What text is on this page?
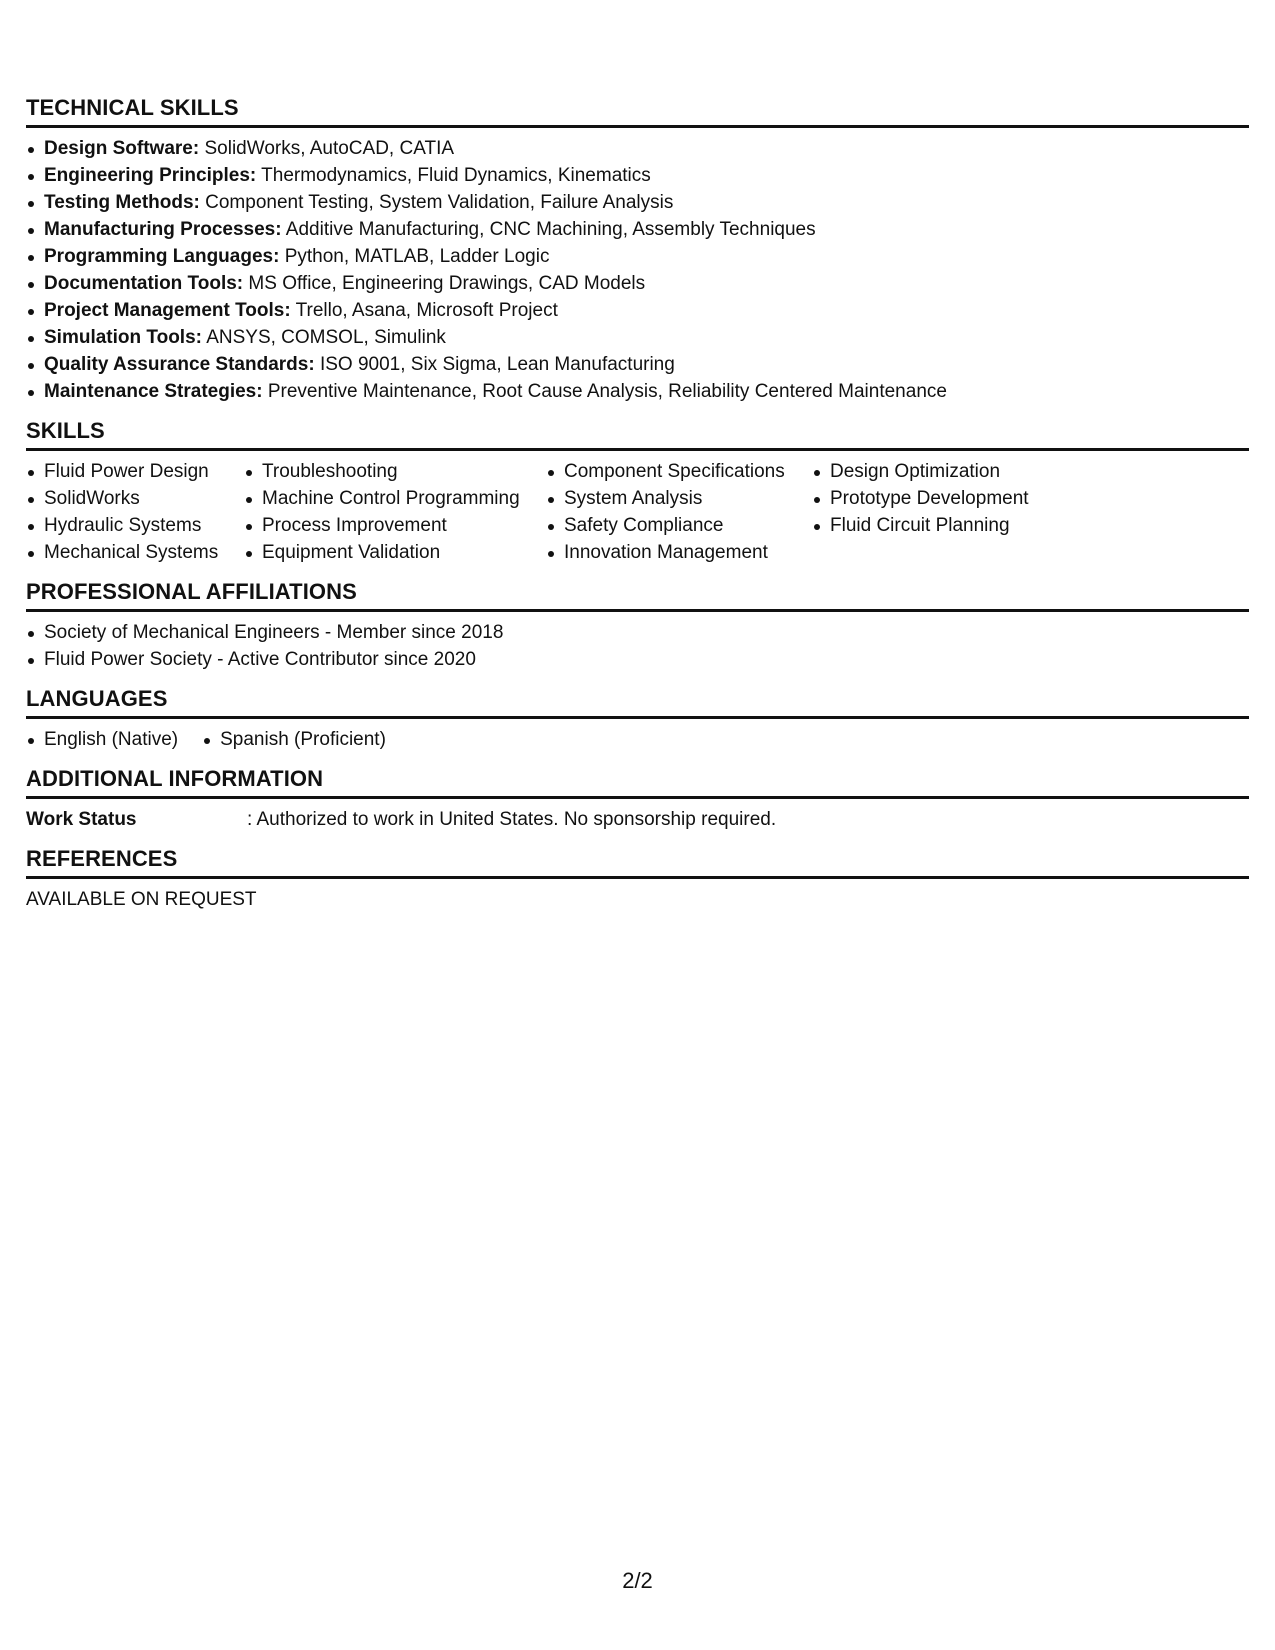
TECHNICAL SKILLS
Design Software: SolidWorks, AutoCAD, CATIA
Engineering Principles: Thermodynamics, Fluid Dynamics, Kinematics
Testing Methods: Component Testing, System Validation, Failure Analysis
Manufacturing Processes: Additive Manufacturing, CNC Machining, Assembly Techniques
Programming Languages: Python, MATLAB, Ladder Logic
Documentation Tools: MS Office, Engineering Drawings, CAD Models
Project Management Tools: Trello, Asana, Microsoft Project
Simulation Tools: ANSYS, COMSOL, Simulink
Quality Assurance Standards: ISO 9001, Six Sigma, Lean Manufacturing
Maintenance Strategies: Preventive Maintenance, Root Cause Analysis, Reliability Centered Maintenance
SKILLS
Fluid Power Design
SolidWorks
Hydraulic Systems
Mechanical Systems
Troubleshooting
Machine Control Programming
Process Improvement
Equipment Validation
Component Specifications
System Analysis
Safety Compliance
Innovation Management
Design Optimization
Prototype Development
Fluid Circuit Planning
PROFESSIONAL AFFILIATIONS
Society of Mechanical Engineers - Member since 2018
Fluid Power Society - Active Contributor since 2020
LANGUAGES
English (Native)	Spanish (Proficient)
ADDITIONAL INFORMATION
Work Status	: Authorized to work in United States. No sponsorship required.
REFERENCES
AVAILABLE ON REQUEST
2/2
